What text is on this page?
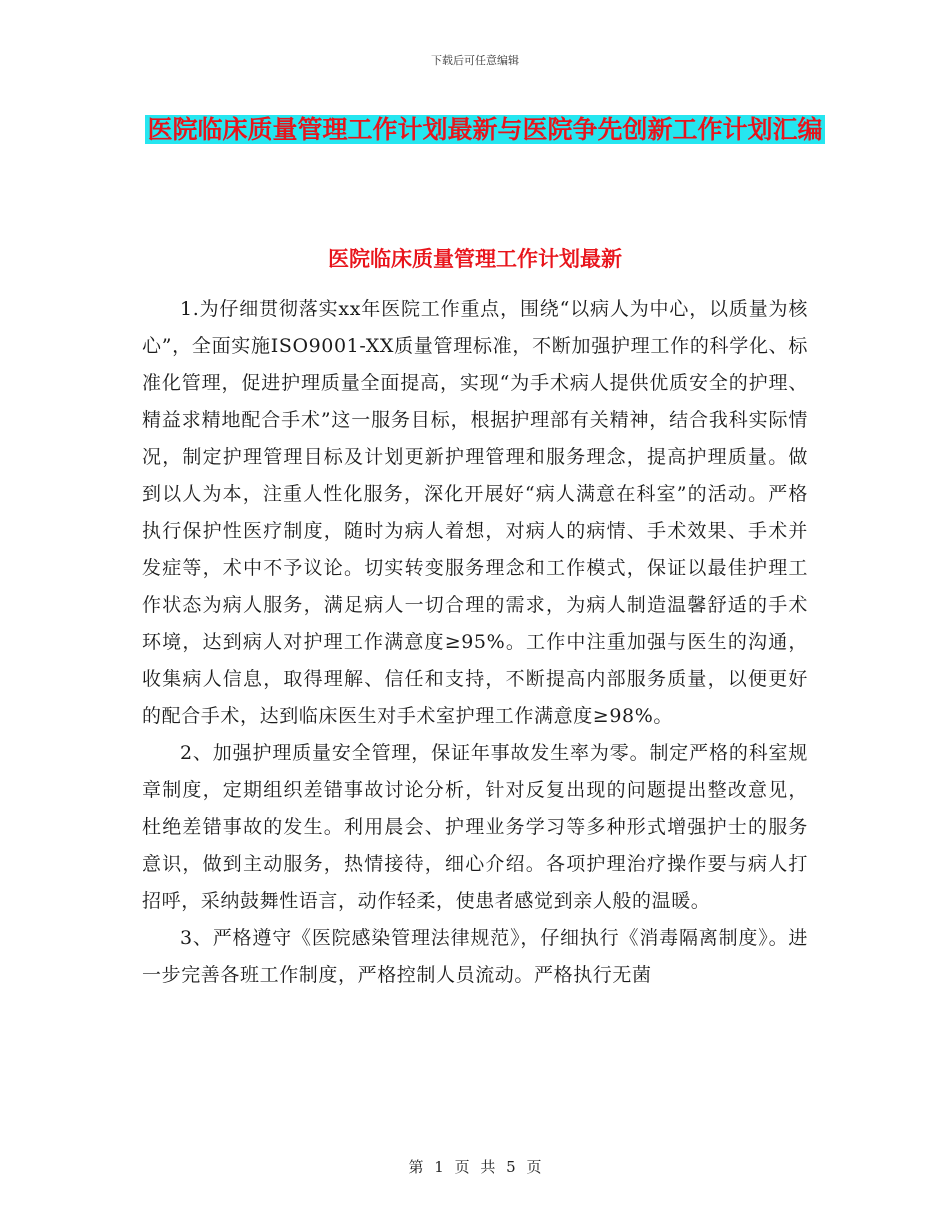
下载后可任意编辑
医院临床质量管理工作计划最新与医院争先创新工作计划汇编
医院临床质量管理工作计划最新

1.为仔细贯彻落实xx年医院工作重点，围绕“以病人为中心，以质量为核心”，全面实施ISO9001-XX质量管理标准，不断加强护理工作的科学化、标准化管理，促进护理质量全面提高，实现“为手术病人提供优质安全的护理、精益求精地配合手术”这一服务目标，根据护理部有关精神，结合我科实际情况，制定护理管理目标及计划更新护理管理和服务理念，提高护理质量。做到以人为本，注重人性化服务，深化开展好“病人满意在科室”的活动。严格执行保护性医疗制度，随时为病人着想，对病人的病情、手术效果、手术并发症等，术中不予议论。切实转变服务理念和工作模式，保证以最佳护理工作状态为病人服务，满足病人一切合理的需求，为病人制造温馨舒适的手术环境，达到病人对护理工作满意度≥95%。工作中注重加强与医生的沟通，收集病人信息，取得理解、信任和支持，不断提高内部服务质量，以便更好的配合手术，达到临床医生对手术室护理工作满意度≥98%。

2、加强护理质量安全管理，保证年事故发生率为零。制定严格的科室规章制度，定期组织差错事故讨论分析，针对反复出现的问题提出整改意见，杜绝差错事故的发生。利用晨会、护理业务学习等多种形式增强护士的服务意识，做到主动服务，热情接待，细心介绍。各项护理治疗操作要与病人打招呼，采纳鼓舞性语言，动作轻柔，使患者感觉到亲人般的温暖。

3、严格遵守《医院感染管理法律规范》，仔细执行《消毒隔离制度》。进一步完善各班工作制度，严格控制人员流动。严格执行无菌

第 1 页 共 5 页
